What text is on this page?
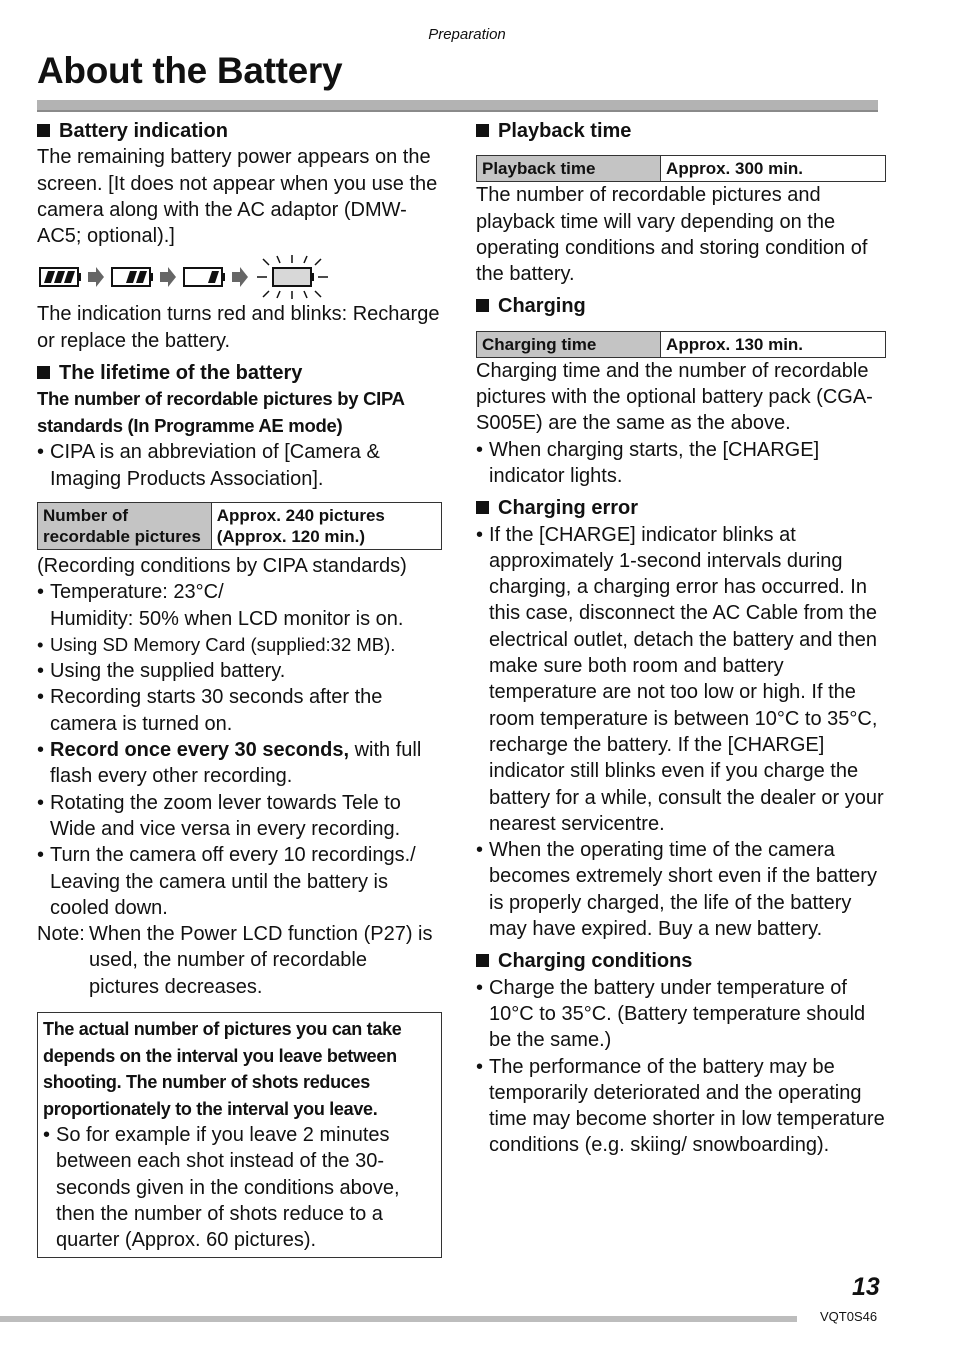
Preparation
About the Battery

Battery indication

The remaining battery power appears on the screen. [It does not appear when you use the camera along with the AC adaptor (DMW-AC5; optional).]

The indication turns red and blinks: Recharge or replace the battery.

The lifetime of the battery

The number of recordable pictures by CIPA standards (In Programme AE mode)

• CIPA is an abbreviation of [Camera & Imaging Products Association].
Number of recordable pictures	Approx. 240 pictures (Approx. 120 min.)

(Recording conditions by CIPA standards)

• Temperature: 23°C/
Humidity: 50% when LCD monitor is on.
• Using SD Memory Card (supplied:32 MB).
• Using the supplied battery.
• Recording starts 30 seconds after the camera is turned on.
• Record once every 30 seconds, with full flash every other recording.
• Rotating the zoom lever towards Tele to Wide and vice versa in every recording.
• Turn the camera off every 10 recordings./ Leaving the camera until the battery is cooled down.
Note: When the Power LCD function (P27) is used, the number of recordable pictures decreases.

The actual number of pictures you can take depends on the interval you leave between shooting. The number of shots reduces proportionately to the interval you leave.

• So for example if you leave 2 minutes between each shot instead of the 30-seconds given in the conditions above, then the number of shots reduce to a quarter (Approx. 60 pictures).

Playback time

Playback time	Approx. 300 min.

The number of recordable pictures and playback time will vary depending on the operating conditions and storing condition of the battery.

Charging

Charging time	Approx. 130 min.

Charging time and the number of recordable pictures with the optional battery pack (CGA-S005E) are the same as the above.

• When charging starts, the [CHARGE] indicator lights.

Charging error

• If the [CHARGE] indicator blinks at approximately 1-second intervals during charging, a charging error has occurred. In this case, disconnect the AC Cable from the electrical outlet, detach the battery and then make sure both room and battery temperature are not too low or high. If the room temperature is between 10°C to 35°C, recharge the battery. If the [CHARGE] indicator still blinks even if you charge the battery for a while, consult the dealer or your nearest servicentre.
• When the operating time of the camera becomes extremely short even if the battery is properly charged, the life of the battery may have expired. Buy a new battery.

Charging conditions

• Charge the battery under temperature of 10°C to 35°C. (Battery temperature should be the same.)
• The performance of the battery may be temporarily deteriorated and the operating time may become shorter in low temperature conditions (e.g. skiing/ snowboarding).
13
VQT0S46
